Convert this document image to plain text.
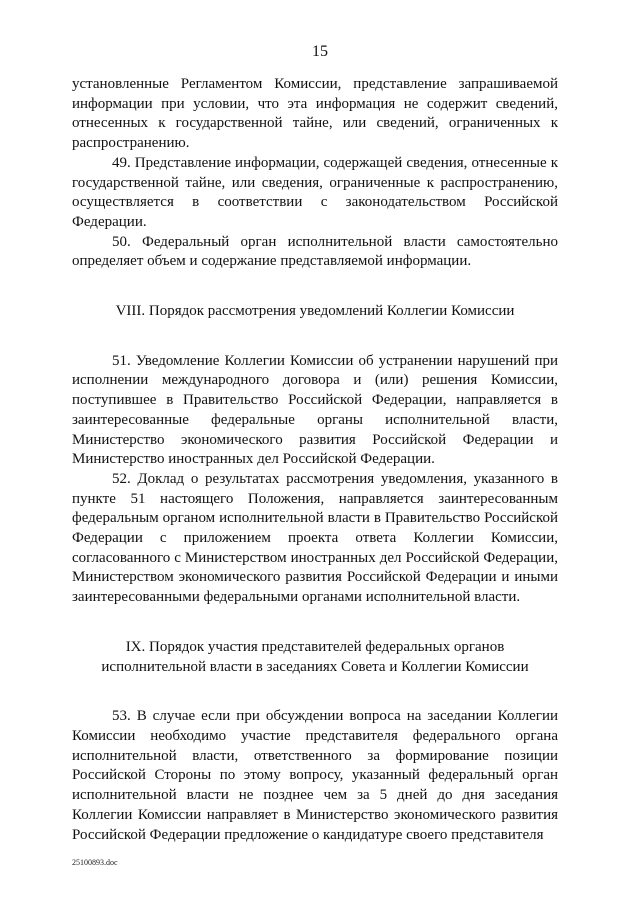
15

установленные Регламентом Комиссии, представление запрашиваемой информации при условии, что эта информация не содержит сведений, отнесенных к государственной тайне, или сведений, ограниченных к распространению.

49. Представление информации, содержащей сведения, отнесенные к государственной тайне, или сведения, ограниченные к распространению, осуществляется в соответствии с законодательством Российской Федерации.

50. Федеральный орган исполнительной власти самостоятельно определяет объем и содержание представляемой информации.

VIII. Порядок рассмотрения уведомлений Коллегии Комиссии

51. Уведомление Коллегии Комиссии об устранении нарушений при исполнении международного договора и (или) решения Комиссии, поступившее в Правительство Российской Федерации, направляется в заинтересованные федеральные органы исполнительной власти, Министерство экономического развития Российской Федерации и Министерство иностранных дел Российской Федерации.

52. Доклад о результатах рассмотрения уведомления, указанного в пункте 51 настоящего Положения, направляется заинтересованным федеральным органом исполнительной власти в Правительство Российской Федерации с приложением проекта ответа Коллегии Комиссии, согласованного с Министерством иностранных дел Российской Федерации, Министерством экономического развития Российской Федерации и иными заинтересованными федеральными органами исполнительной власти.

IX. Порядок участия представителей федеральных органов
исполнительной власти в заседаниях Совета и Коллегии Комиссии

53. В случае если при обсуждении вопроса на заседании Коллегии Комиссии необходимо участие представителя федерального органа исполнительной власти, ответственного за формирование позиции Российской Стороны по этому вопросу, указанный федеральный орган исполнительной власти не позднее чем за 5 дней до дня заседания Коллегии Комиссии направляет в Министерство экономического развития Российской Федерации предложение о кандидатуре своего представителя

25100893.doc
